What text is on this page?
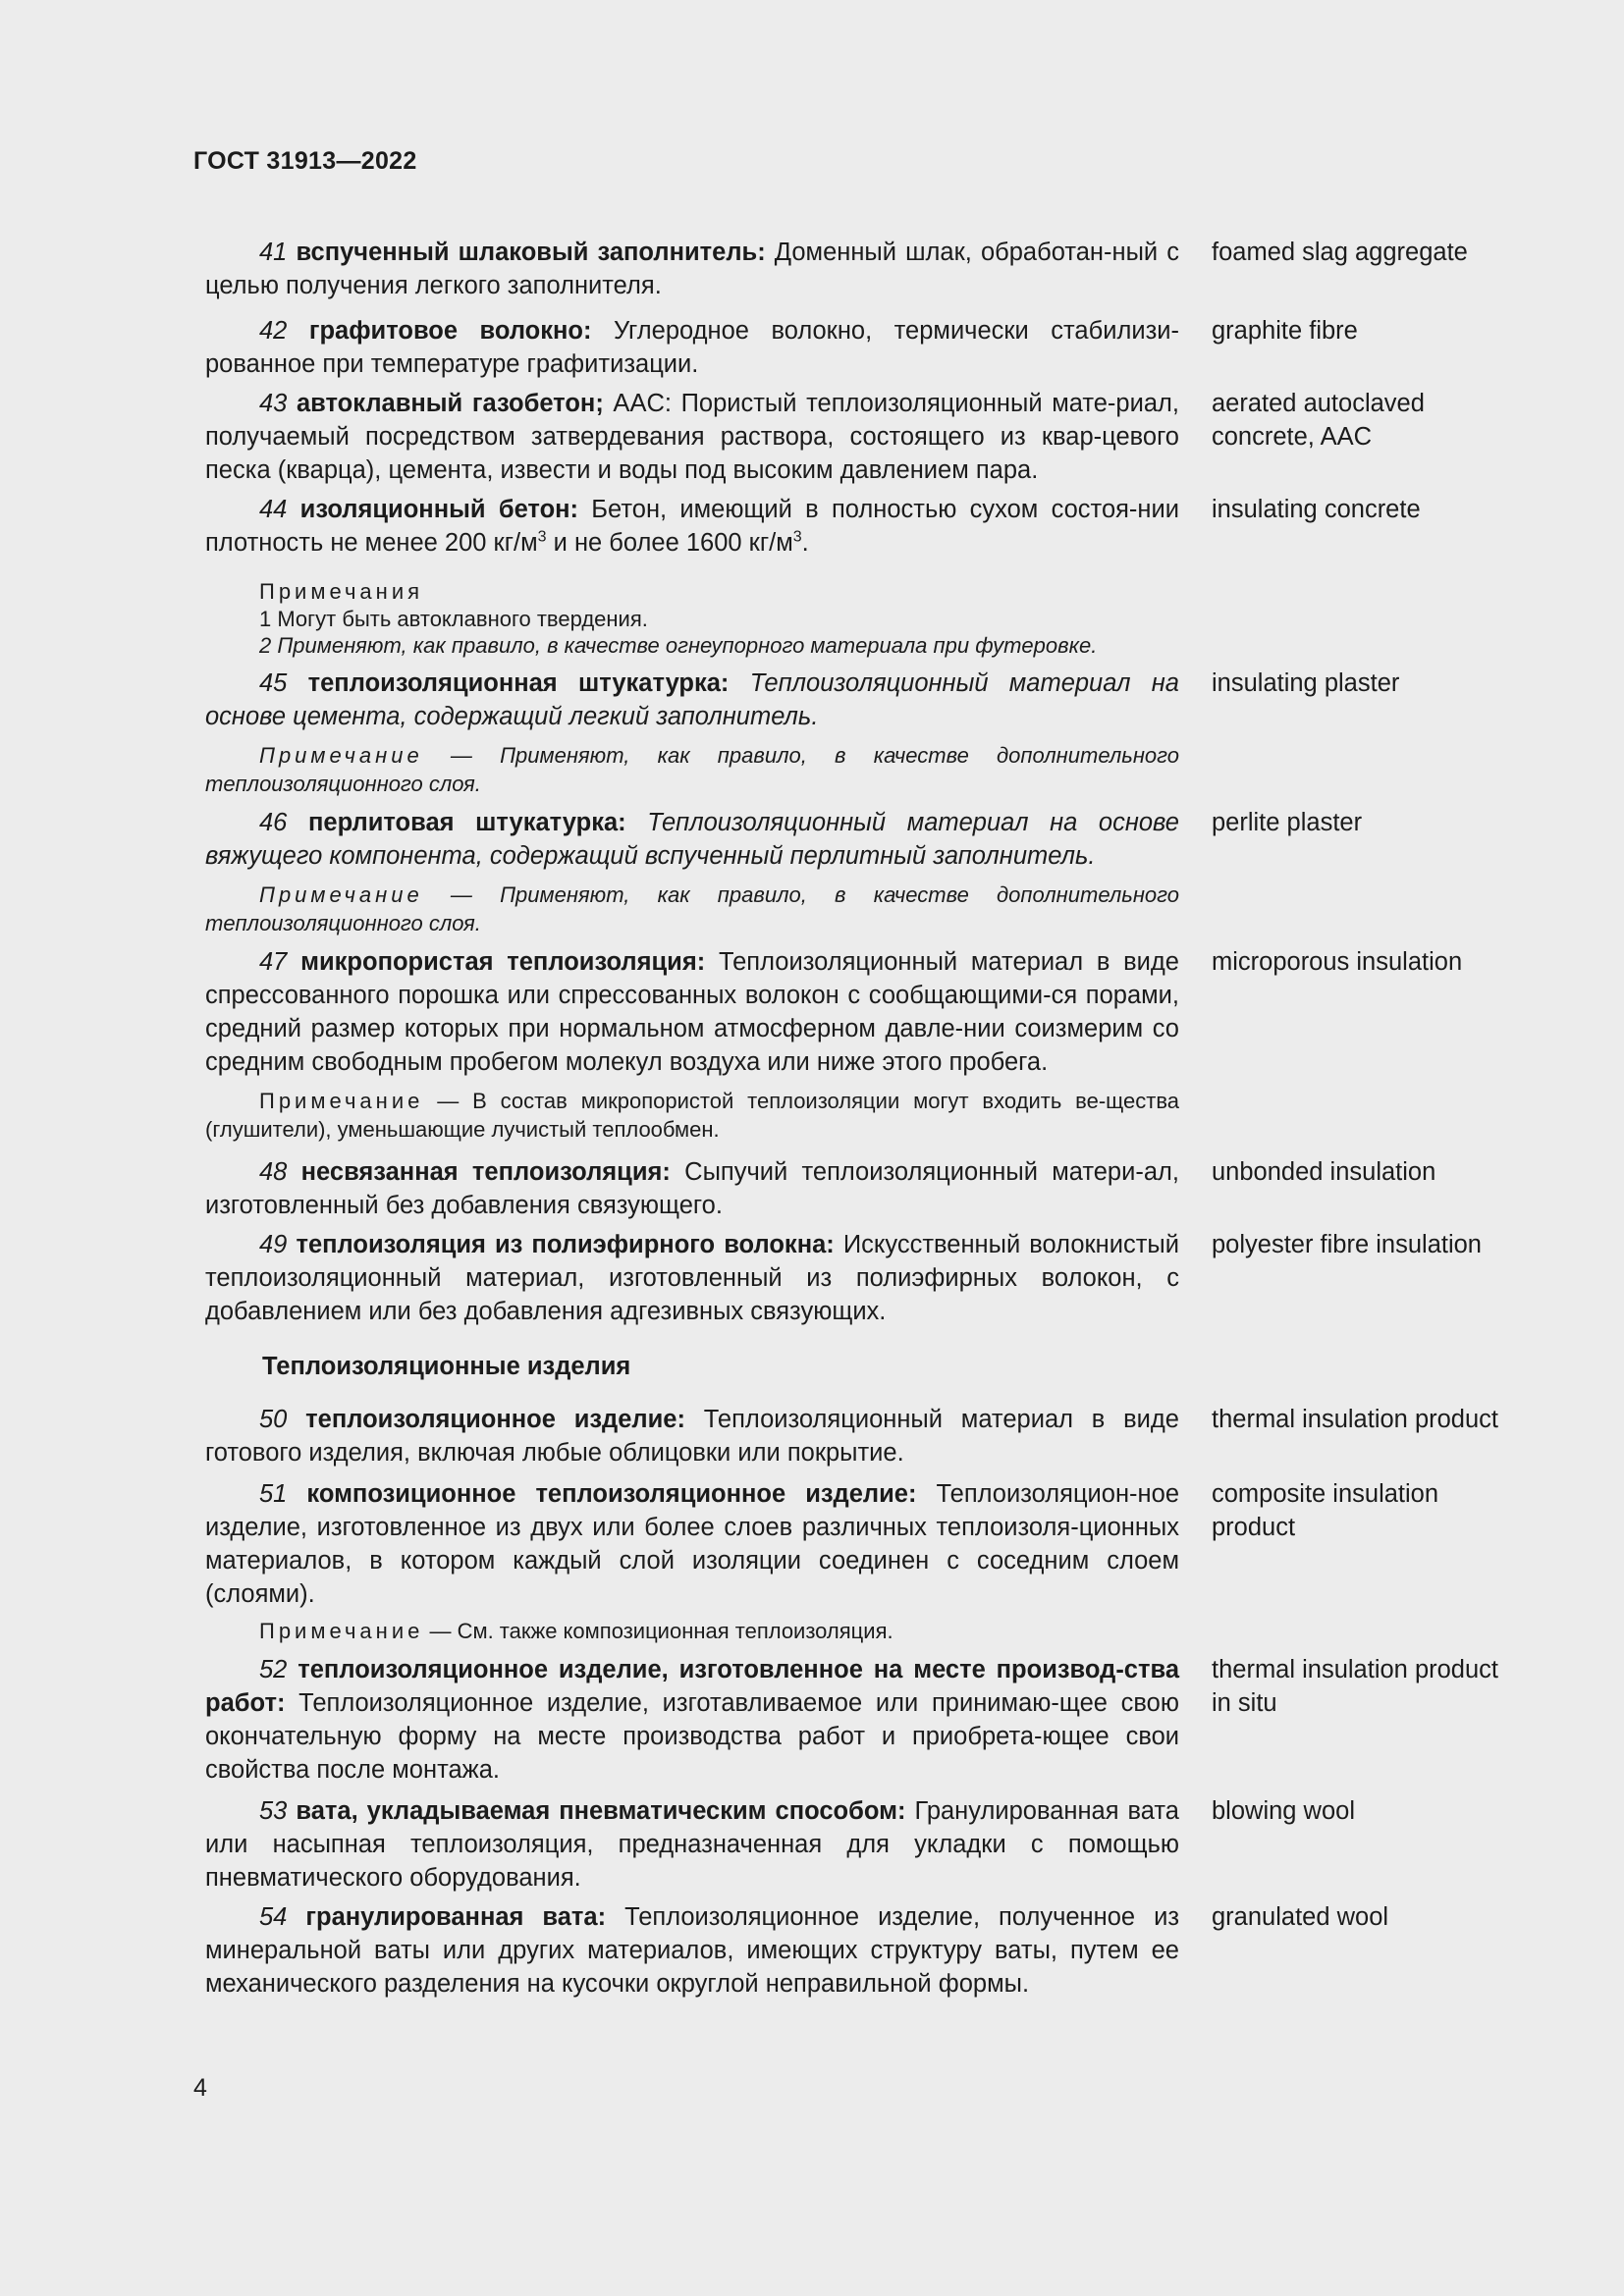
ГОСТ 31913—2022
41 вспученный шлаковый заполнитель: Доменный шлак, обработан-ный с целью получения легкого заполнителя.
foamed slag aggregate
42 графитовое волокно: Углеродное волокно, термически стабилизи-рованное при температуре графитизации.
graphite fibre
43 автоклавный газобетон; AAC: Пористый теплоизоляционный мате-риал, получаемый посредством затвердевания раствора, состоящего из квар-цевого песка (кварца), цемента, извести и воды под высоким давлением пара.
aerated autoclaved concrete, AAC
44 изоляционный бетон: Бетон, имеющий в полностью сухом состоя-нии плотность не менее 200 $кг/м^3$ и не более 1600 $кг/м^3$.
insulating concrete
Примечания
1 Могут быть автоклавного твердения.
2 Применяют, как правило, в качестве огнеупорного материала при футеровке.
45 теплоизоляционная штукатурка: Теплоизоляционный материал на основе цемента, содержащий легкий заполнитель.
insulating plaster
Примечание — Применяют, как правило, в качестве дополнительного теплоизоляционного слоя.
46 перлитовая штукатурка: Теплоизоляционный материал на основе вяжущего компонента, содержащий вспученный перлитный заполнитель.
perlite plaster
Примечание — Применяют, как правило, в качестве дополнительного теплоизоляционного слоя.
47 микропористая теплоизоляция: Теплоизоляционный материал в виде спрессованного порошка или спрессованных волокон с сообщающими-ся порами, средний размер которых при нормальном атмосферном давле-нии соизмерим со средним свободным пробегом молекул воздуха или ниже этого пробега.
microporous insulation
Примечание — В состав микропористой теплоизоляции могут входить ве-щества (глушители), уменьшающие лучистый теплообмен.
48 несвязанная теплоизоляция: Сыпучий теплоизоляционный матери-ал, изготовленный без добавления связующего.
unbonded insulation
49 теплоизоляция из полиэфирного волокна: Искусственный волокнистый теплоизоляционный материал, изготовленный из полиэфирных волокон, с добавлением или без добавления адгезивных связующих.
polyester fibre insulation
Теплоизоляционные изделия
50 теплоизоляционное изделие: Теплоизоляционный материал в виде готового изделия, включая любые облицовки или покрытие.
thermal insulation product
51 композиционное теплоизоляционное изделие: Теплоизоляцион-ное изделие, изготовленное из двух или более слоев различных теплоизоля-ционных материалов, в котором каждый слой изоляции соединен с соседним слоем (слоями).
composite insulation product
Примечание — См. также композиционная теплоизоляция.
52 теплоизоляционное изделие, изготовленное на месте производ-ства работ: Теплоизоляционное изделие, изготавливаемое или принимаю-щее свою окончательную форму на месте производства работ и приобрета-ющее свои свойства после монтажа.
thermal insulation product in situ
53 вата, укладываемая пневматическим способом: Гранулированная вата или насыпная теплоизоляция, предназначенная для укладки с помощью пневматического оборудования.
blowing wool
54 гранулированная вата: Теплоизоляционное изделие, полученное из минеральной ваты или других материалов, имеющих структуру ваты, путем ее механического разделения на кусочки округлой неправильной формы.
granulated wool
4
